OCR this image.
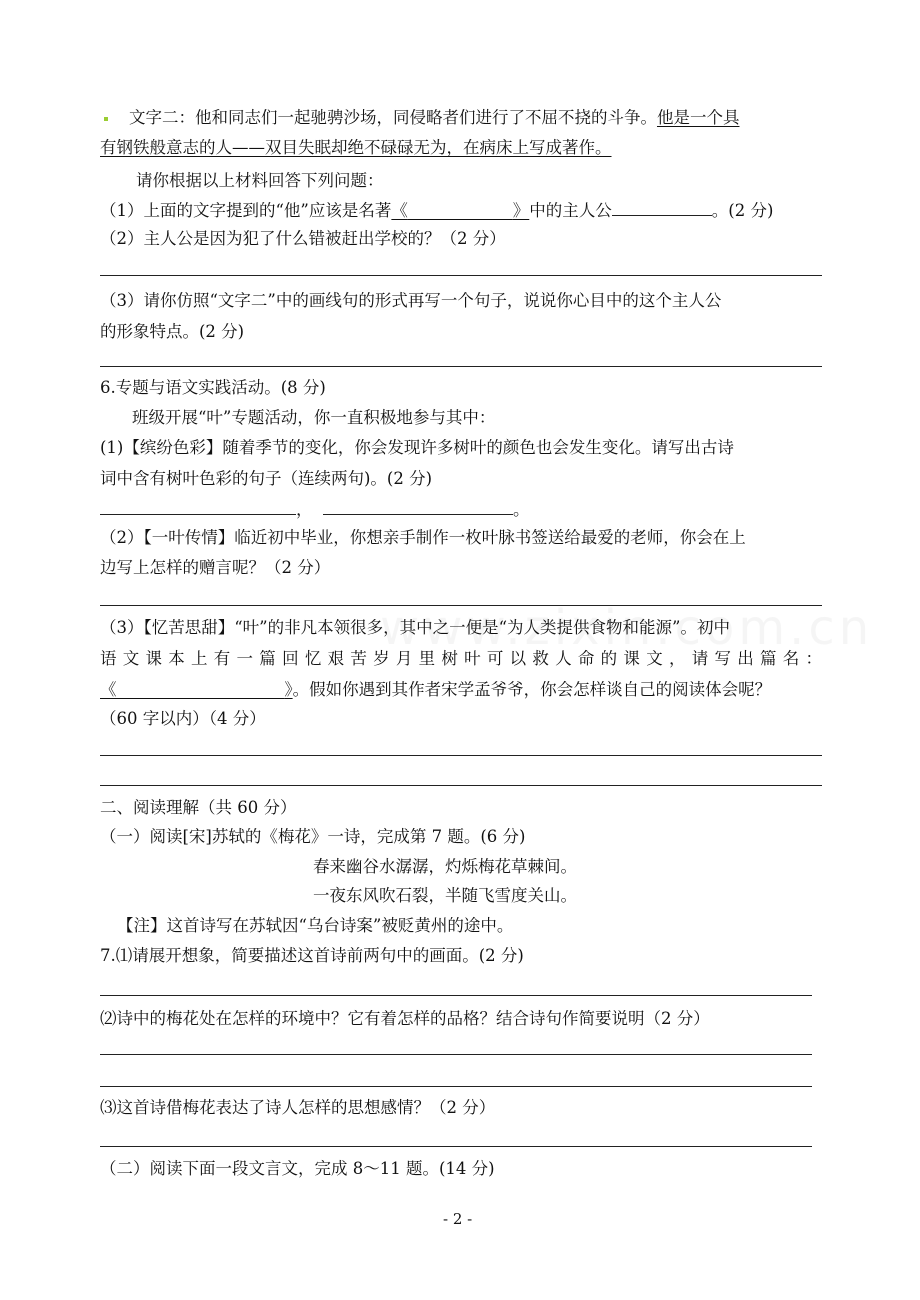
文字二：他和同志们一起驰骋沙场，同侵略者们进行了不屈不挠的斗争。他是一个具
有钢铁般意志的人——双目失眠却绝不碌碌无为，在病床上写成著作。
请你根据以上材料回答下列问题：
（1）上面的文字提到的“他”应该是名著《	》中的主人公	。(2 分)
（2）主人公是因为犯了什么错被赶出学校的？（2 分）
（3）请你仿照“文字二”中的画线句的形式再写一个句子，说说你心目中的这个主人公
的形象特点。(2 分)
6.专题与语文实践活动。(8 分)
班级开展“叶”专题活动，你一直积极地参与其中：
(1)【缤纷色彩】随着季节的变化，你会发现许多树叶的颜色也会发生变化。请写出古诗
词中含有树叶色彩的句子（连续两句)。(2 分)
，	。
（2）【一叶传情】临近初中毕业，你想亲手制作一枚叶脉书签送给最爱的老师，你会在上
边写上怎样的赠言呢？（2 分）
（3）【忆苦思甜】“叶”的非凡本领很多，其中之一便是“为人类提供食物和能源”。初中
语文课本上有一篇回忆艰苦岁月里树叶可以救人命的课文，请写出篇名：
《	》。假如你遇到其作者宋学孟爷爷，你会怎样谈自己的阅读体会呢？
（60 字以内）（4 分）
二、阅读理解（共 60 分）
（一）阅读[宋]苏轼的《梅花》一诗，完成第 7 题。(6 分)
春来幽谷水潺潺，灼烁梅花草棘间。
一夜东风吹石裂，半随飞雪度关山。
【注】这首诗写在苏轼因“乌台诗案”被贬黄州的途中。
7.⑴请展开想象，简要描述这首诗前两句中的画面。(2 分)
⑵诗中的梅花处在怎样的环境中？它有着怎样的品格？结合诗句作简要说明（2 分）
⑶这首诗借梅花表达了诗人怎样的思想感情？（2 分）
（二）阅读下面一段文言文，完成 8～11 题。(14 分)
- 2 -
